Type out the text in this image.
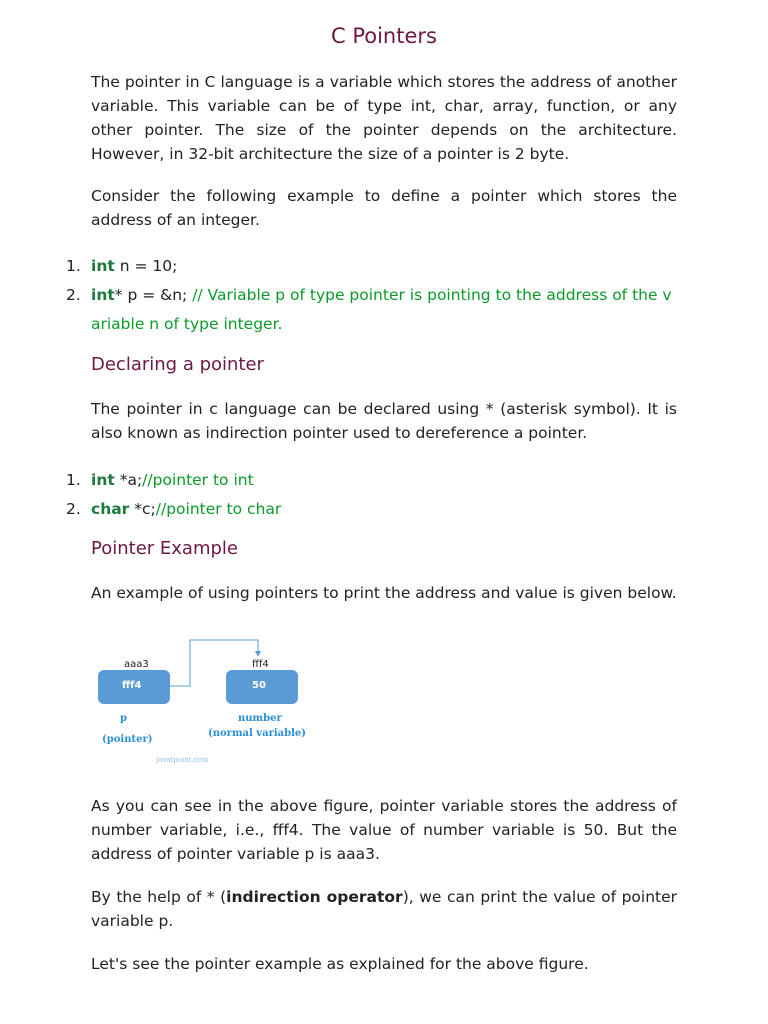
C Pointers

The pointer in C language is a variable which stores the address of another variable. This variable can be of type int, char, array, function, or any other pointer. The size of the pointer depends on the architecture. However, in 32-bit architecture the size of a pointer is 2 byte.

Consider the following example to define a pointer which stores the address of an integer.

1. int n = 10;
2. int* p = &n; // Variable p of type pointer is pointing to the address of the v ariable n of type integer.
Declaring a pointer

The pointer in c language can be declared using * (asterisk symbol). It is also known as indirection pointer used to dereference a pointer.

1. int *a;//pointer to int
2. char *c;//pointer to char
Pointer Example

An example of using pointers to print the address and value is given below.

aaa3
fff4
p
(pointer)
fff4
50
number
(normal variable)
javatpoint.com

As you can see in the above figure, pointer variable stores the address of number variable, i.e., fff4. The value of number variable is 50. But the address of pointer variable p is aaa3.

By the help of * (indirection operator), we can print the value of pointer variable p.

Let's see the pointer example as explained for the above figure.
